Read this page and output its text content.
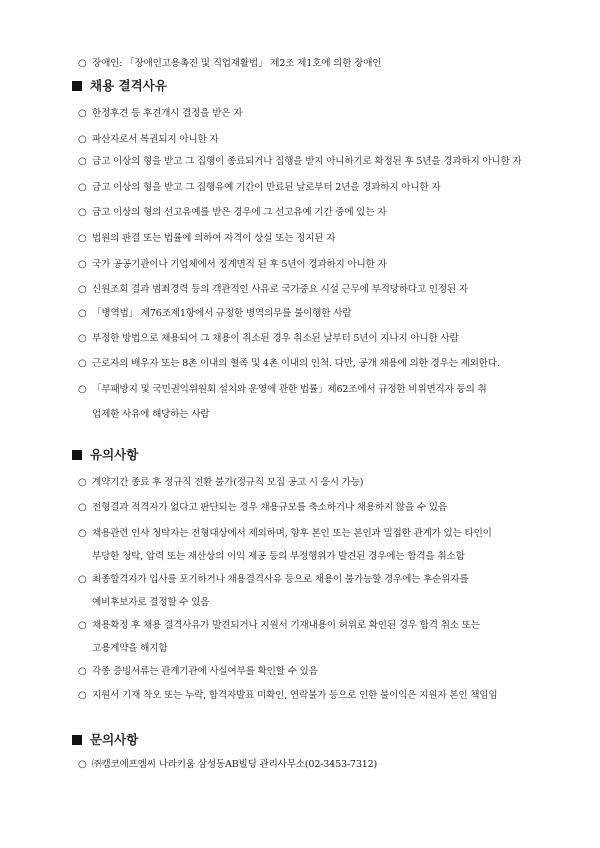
○ 장애인: 「장애인고용촉진 및 직업재활법」 제2조 제1호에 의한 장애인
채용 결격사유
○ 한정후견 등 후견개시 결정을 받은 자
○ 파산자로서 복권되지 아니한 자
○ 금고 이상의 형을 받고 그 집행이 종료되거나 집행을 받지 아니하기로 확정된 후 5년을 경과하지 아니한 자
○ 금고 이상의 형을 받고 그 집행유예 기간이 만료된 날로부터 2년을 경과하지 아니한 자
○ 금고 이상의 형의 선고유예를 받은 경우에 그 선고유예 기간 중에 있는 자
○ 법원의 판결 또는 법률에 의하여 자격이 상실 또는 정지된 자
○ 국가 공공기관이나 기업체에서 징계면직 된 후 5년이 경과하지 아니한 자
○ 신원조회 결과 범죄경력 등의 객관적인 사유로 국가중요 시설 근무에 부적당하다고 인정된 자
○ 「병역법」 제76조제1항에서 규정한 병역의무를 불이행한 사람
○ 부정한 방법으로 채용되어 그 채용이 취소된 경우 취소된 날부터 5년이 지나지 아니한 사람
○ 근로자의 배우자 또는 8촌 이내의 혈족 및 4촌 이내의 인척. 다만, 공개 채용에 의한 경우는 제외한다.
○ 「부패방지 및 국민권익위원회 설치와 운영에 관한 법률」제62조에서 규정한 비위면직자 등의 취
업제한 사유에 해당하는 사람
유의사항
○ 계약기간 종료 후 정규직 전환 불가(정규직 모집 공고 시 응시 가능)
○ 전형결과 적격자가 없다고 판단되는 경우 채용규모를 축소하거나 채용하지 않을 수 있음
○ 채용관련 인사 청탁자는 전형대상에서 제외하며, 향후 본인 또는 본인과 밀접한 관계가 있는 타인이
부당한 청탁, 압력 또는 재산상의 이익 제공 등의 부정행위가 발견된 경우에는 합격을 취소함
○ 최종합격자가 입사를 포기하거나 채용결격사유 등으로 채용이 불가능할 경우에는 후순위자를
예비후보자로 결정할 수 있음
○ 채용확정 후 채용 결격사유가 발견되거나 지원서 기재내용이 허위로 확인된 경우 합격 취소 또는
고용계약을 해지함
○ 각종 증빙서류는 관계기관에 사실여부를 확인할 수 있음
○ 지원서 기재 착오 또는 누락, 합격자발표 미확인, 연락불가 등으로 인한 불이익은 지원자 본인 책임임
문의사항
○ ㈜캠코에프엠씨 나라키움 삼성동AB빌딩 관리사무소(02-3453-7312)
